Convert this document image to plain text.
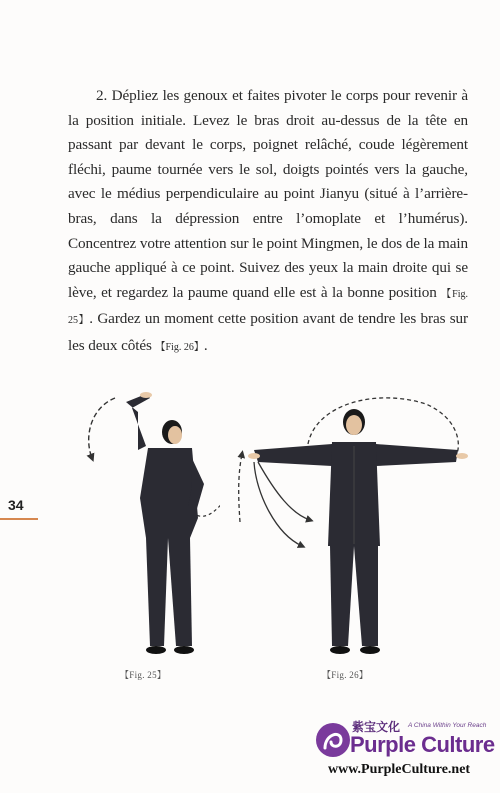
2. Dépliez les genoux et faites pivoter le corps pour revenir à la position initiale. Levez le bras droit au-dessus de la tête en passant par devant le corps, poignet relâché, coude légèrement fléchi, paume tournée vers le sol, doigts pointés vers la gauche, avec le médius perpendiculaire au point Jianyu (situé à l’arrière-bras, dans la dépression entre l’omoplate et l’humérus). Concentrez votre attention sur le point Mingmen, le dos de la main gauche appliqué à ce point. Suivez des yeux la main droite qui se lève, et regardez la paume quand elle est à la bonne position 【Fig. 25】. Gardez un moment cette position avant de tendre les bras sur les deux côtés 【Fig. 26】.

34
【Fig. 25】	【Fig. 26】
紫宝文化 A China Within Your Reach
Purple Culture
www.PurpleCulture.net
